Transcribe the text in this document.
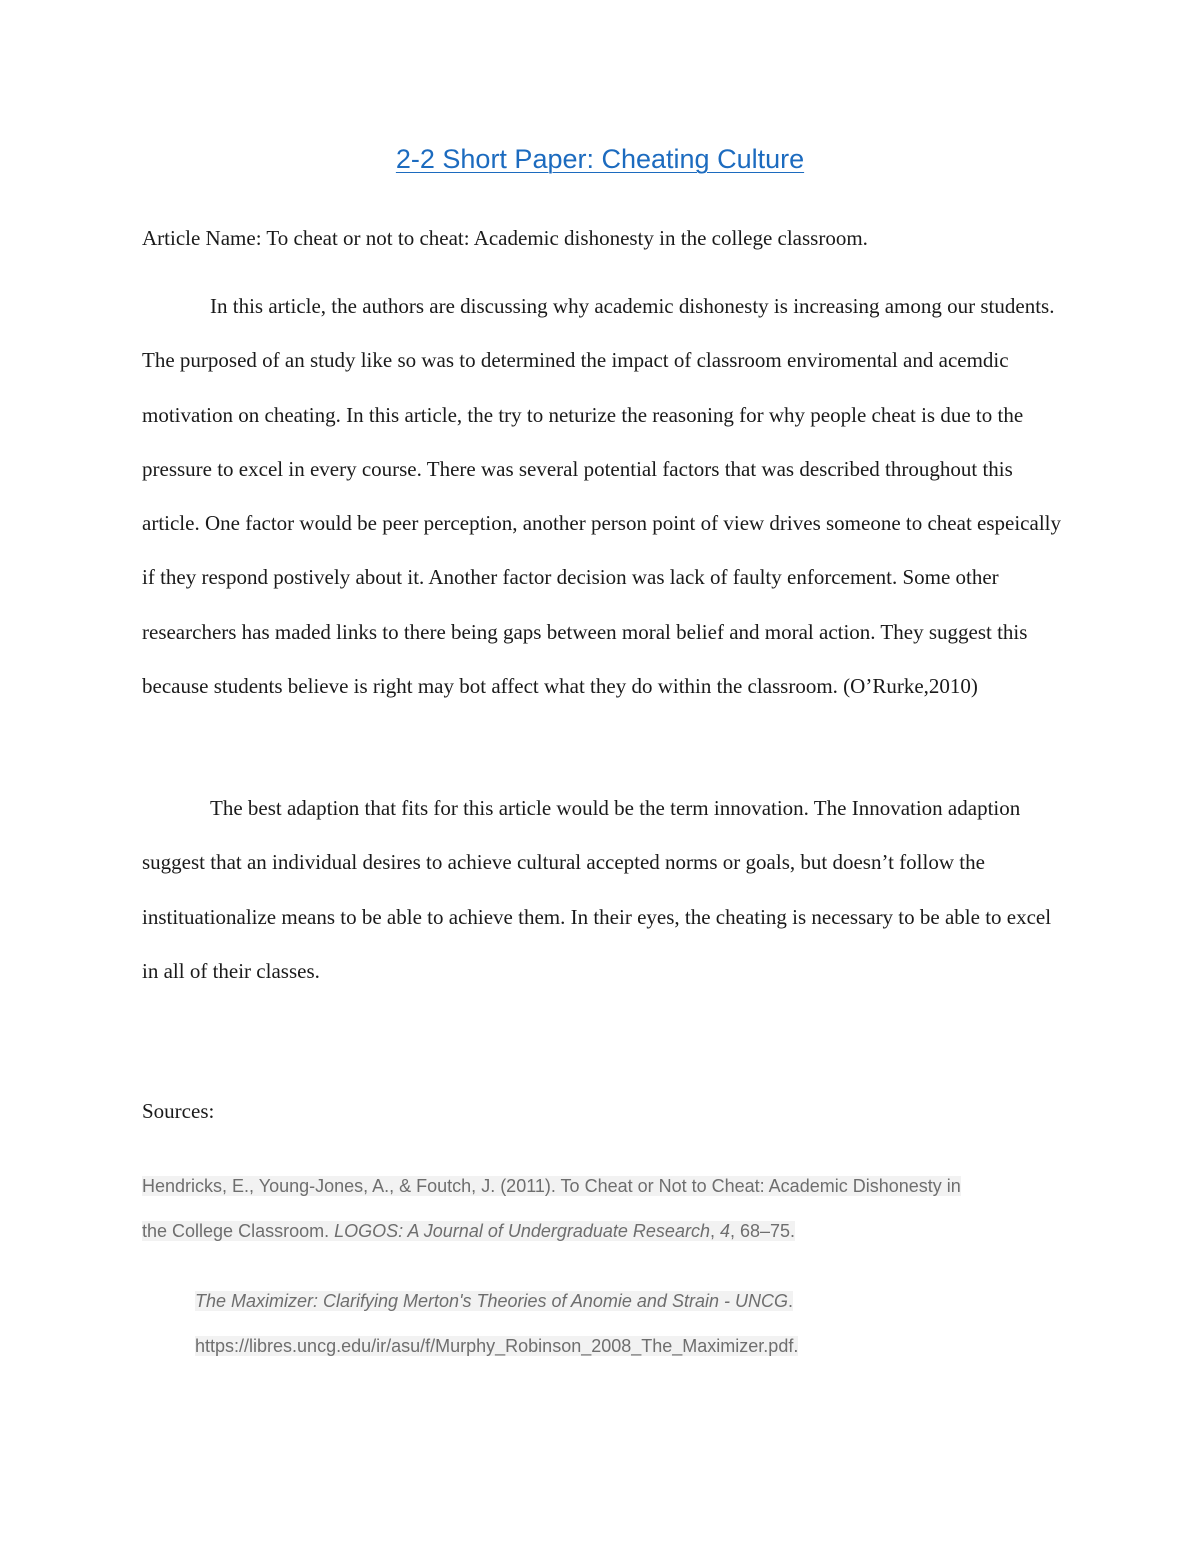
2-2 Short Paper: Cheating Culture
Article Name: To cheat or not to cheat: Academic dishonesty in the college classroom.

In this article, the authors are discussing why academic dishonesty is increasing among our students. The purposed of an study like so was to determined the impact of classroom enviromental and acemdic motivation on cheating. In this article, the try to neturize the reasoning for why people cheat is due to the pressure to excel in every course. There was several potential factors that was described throughout this article. One factor would be peer perception, another person point of view drives someone to cheat espeically if they respond postively about it. Another factor decision was lack of faulty enforcement. Some other researchers has maded links to there being gaps between moral belief and moral action. They suggest this because students believe is right may bot affect what they do within the classroom. (O’Rurke,2010)

The best adaption that fits for this article would be the term innovation. The Innovation adaption suggest that an individual desires to achieve cultural accepted norms or goals, but doesn’t follow the instituationalize means to be able to achieve them. In their eyes, the cheating is necessary to be able to excel in all of their classes.

Sources:
Hendricks, E., Young-Jones, A., & Foutch, J. (2011). To Cheat or Not to Cheat: Academic Dishonesty in
the College Classroom. LOGOS: A Journal of Undergraduate Research, 4, 68–75.
The Maximizer: Clarifying Merton's Theories of Anomie and Strain - UNCG.
https://libres.uncg.edu/ir/asu/f/Murphy_Robinson_2008_The_Maximizer.pdf.
